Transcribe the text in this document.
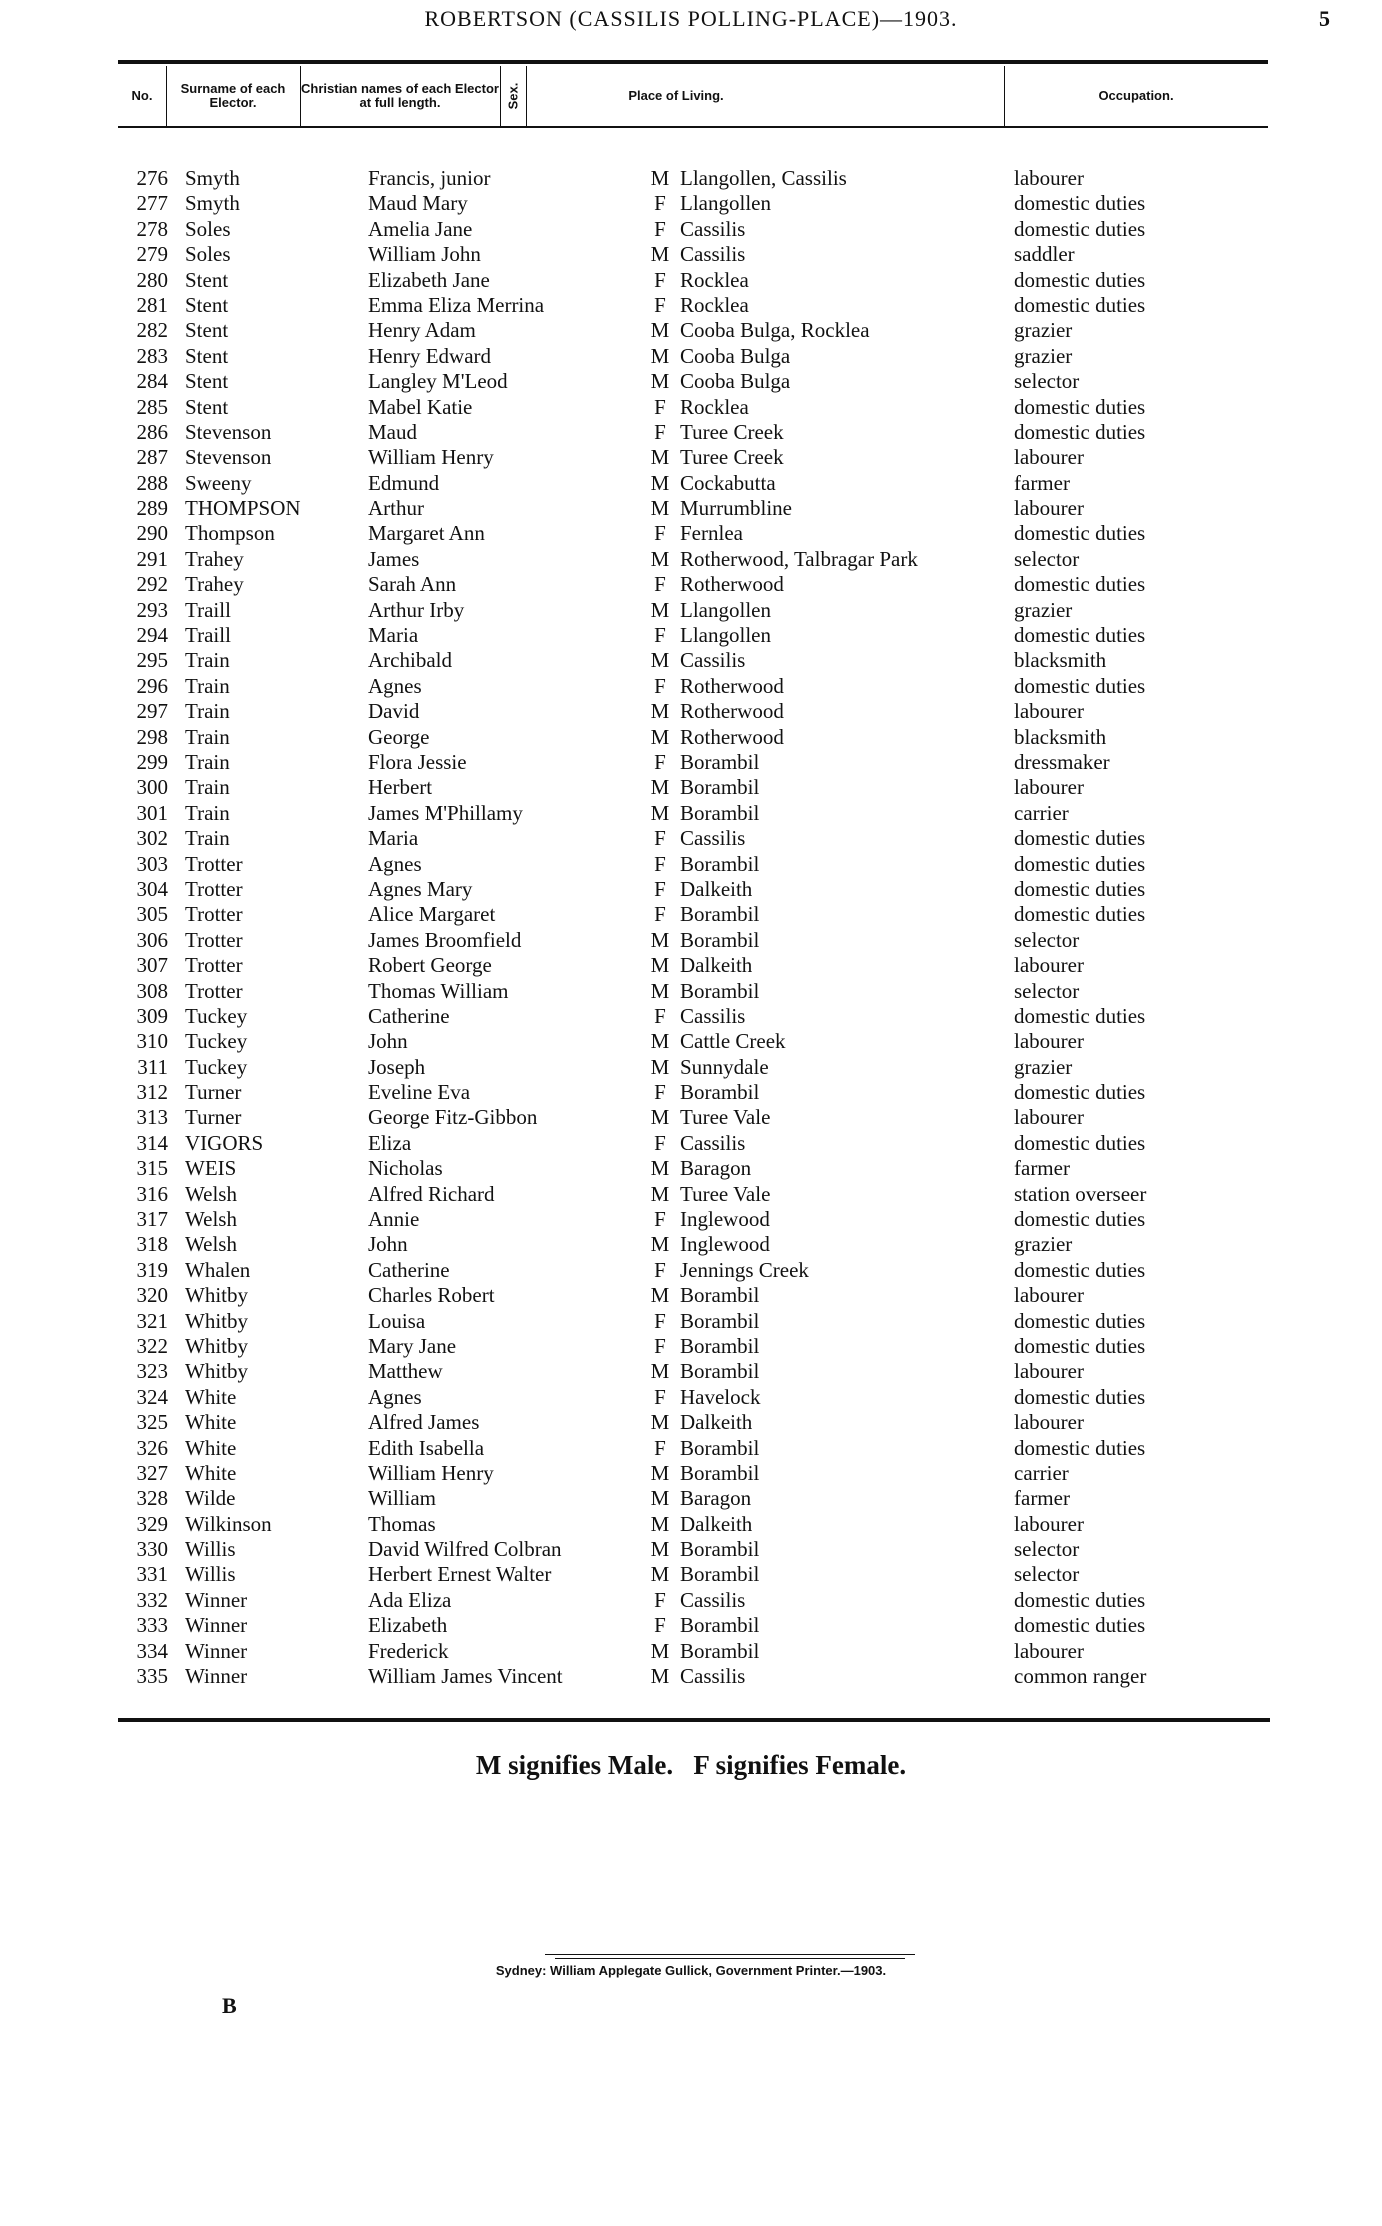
ROBERTSON (CASSILIS POLLING-PLACE)—1903.	5
No.	Surname of each Elector.
Christian names of each Elector at full length.	Sex.	Place of Living.	Occupation.
276 Smyth	Francis, junior	M Llangollen, Cassilis	labourer
277 Smyth	Maud Mary	F Llangollen	domestic duties
278 Soles	Amelia Jane	F Cassilis	domestic duties
279 Soles	William John	M Cassilis	saddler
280 Stent	Elizabeth Jane	F Rocklea	domestic duties
281 Stent	Emma Eliza Merrina	F Rocklea	domestic duties
282 Stent	Henry Adam	M Cooba Bulga, Rocklea	grazier
283 Stent	Henry Edward	M Cooba Bulga	grazier
284 Stent	Langley M'Leod	M Cooba Bulga	selector
285 Stent	Mabel Katie	F Rocklea	domestic duties
286 Stevenson	Maud	F Turee Creek	domestic duties
287 Stevenson	William Henry	M Turee Creek	labourer
288 Sweeny	Edmund	M Cockabutta	farmer
289 THOMPSON	Arthur	M Murrumbline	labourer
290 Thompson	Margaret Ann	F Fernlea	domestic duties
291 Trahey	James	M Rotherwood, Talbragar Park	selector
292 Trahey	Sarah Ann	F Rotherwood	domestic duties
293 Traill	Arthur Irby	M Llangollen	grazier
294 Traill	Maria	F Llangollen	domestic duties
295 Train	Archibald	M Cassilis	blacksmith
296 Train	Agnes	F Rotherwood	domestic duties
297 Train	David	M Rotherwood	labourer
298 Train	George	M Rotherwood	blacksmith
299 Train	Flora Jessie	F Borambil	dressmaker
300 Train	Herbert	M Borambil	labourer
301 Train	James M'Phillamy	M Borambil	carrier
302 Train	Maria	F Cassilis	domestic duties
303 Trotter	Agnes	F Borambil	domestic duties
304 Trotter	Agnes Mary	F Dalkeith	domestic duties
305 Trotter	Alice Margaret	F Borambil	domestic duties
306 Trotter	James Broomfield	M Borambil	selector
307 Trotter	Robert George	M Dalkeith	labourer
308 Trotter	Thomas William	M Borambil	selector
309 Tuckey	Catherine	F Cassilis	domestic duties
310 Tuckey	John	M Cattle Creek	labourer
311 Tuckey	Joseph	M Sunnydale	grazier
312 Turner	Eveline Eva	F Borambil	domestic duties
313 Turner	George Fitz-Gibbon	M Turee Vale	labourer
314 VIGORS	Eliza	F Cassilis	domestic duties
315 WEIS	Nicholas	M Baragon	farmer
316 Welsh	Alfred Richard	M Turee Vale	station overseer
317 Welsh	Annie	F Inglewood	domestic duties
318 Welsh	John	M Inglewood	grazier
319 Whalen	Catherine	F Jennings Creek	domestic duties
320 Whitby	Charles Robert	M Borambil	labourer
321 Whitby	Louisa	F Borambil	domestic duties
322 Whitby	Mary Jane	F Borambil	domestic duties
323 Whitby	Matthew	M Borambil	labourer
324 White	Agnes	F Havelock	domestic duties
325 White	Alfred James	M Dalkeith	labourer
326 White	Edith Isabella	F Borambil	domestic duties
327 White	William Henry	M Borambil	carrier
328 Wilde	William	M Baragon	farmer
329 Wilkinson	Thomas	M Dalkeith	labourer
330 Willis	David Wilfred Colbran	M Borambil	selector
331 Willis	Herbert Ernest Walter	M Borambil	selector
332 Winner	Ada Eliza	F Cassilis	domestic duties
333 Winner	Elizabeth	F Borambil	domestic duties
334 Winner	Frederick	M Borambil	labourer
335 Winner	William James Vincent	M Cassilis	common ranger
M signifies Male.   F signifies Female.
Sydney: William Applegate Gullick, Government Printer.—1903.
B
